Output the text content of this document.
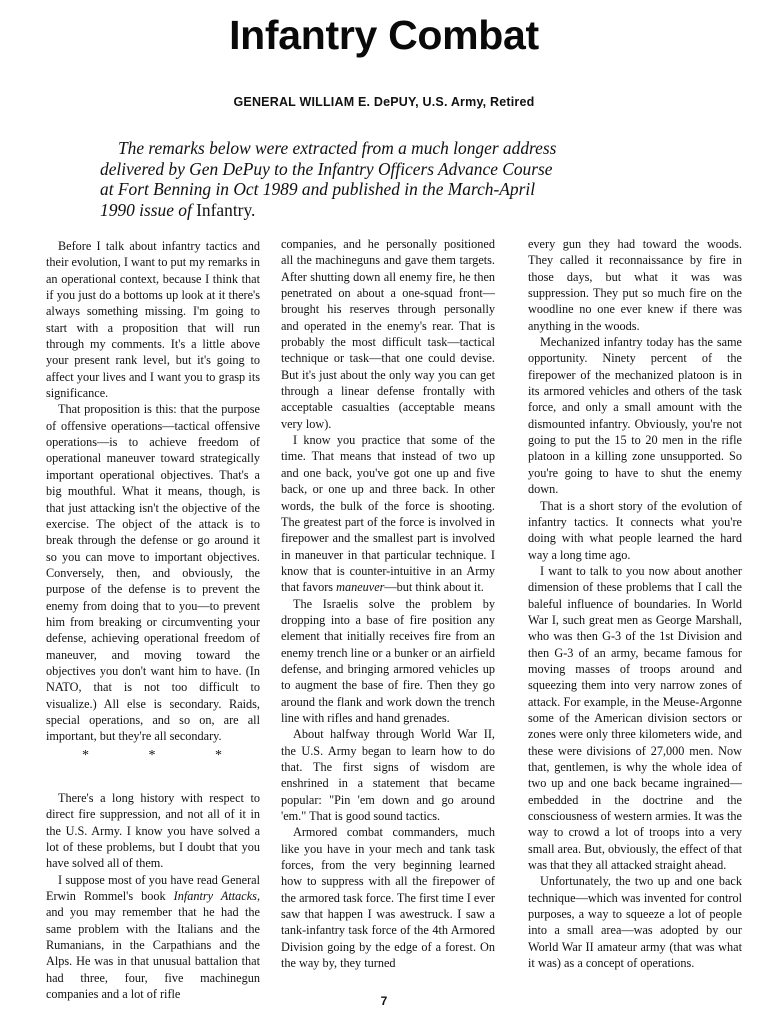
Infantry Combat
GENERAL WILLIAM E. DePUY, U.S. Army, Retired
The remarks below were extracted from a much longer address
delivered by Gen DePuy to the Infantry Officers Advance Course
at Fort Benning in Oct 1989 and published in the March-April
1990 issue of Infantry.

Before I talk about infantry tactics and their evolution, I want to put my remarks in an operational context, because I think that if you just do a bottoms up look at it there's always something missing. I'm going to start with a proposition that will run through my comments. It's a little above your present rank level, but it's going to affect your lives and I want you to grasp its significance.

That proposition is this: that the purpose of offensive operations—tactical offensive operations—is to achieve freedom of operational maneuver toward strategically important operational objectives. That's a big mouthful. What it means, though, is that just attacking isn't the objective of the exercise. The object of the attack is to break through the defense or go around it so you can move to important objectives. Conversely, then, and obviously, the purpose of the defense is to prevent the enemy from doing that to you—to prevent him from breaking or circumventing your defense, achieving operational freedom of maneuver, and moving toward the objectives you don't want him to have. (In NATO, that is not too difficult to visualize.) All else is secondary. Raids, special operations, and so on, are all important, but they're all secondary.

* * *

There's a long history with respect to direct fire suppression, and not all of it in the U.S. Army. I know you have solved a lot of these problems, but I doubt that you have solved all of them.

I suppose most of you have read General Erwin Rommel's book Infantry Attacks, and you may remember that he had the same problem with the Italians and the Rumanians, in the Carpathians and the Alps. He was in that unusual battalion that had three, four, five machinegun companies and a lot of rifle

companies, and he personally positioned all the machineguns and gave them targets. After shutting down all enemy fire, he then penetrated on about a one-squad front—brought his reserves through personally and operated in the enemy's rear. That is probably the most difficult task—tactical technique or task—that one could devise. But it's just about the only way you can get through a linear defense frontally with acceptable casualties (acceptable means very low).

I know you practice that some of the time. That means that instead of two up and one back, you've got one up and five back, or one up and three back. In other words, the bulk of the force is shooting. The greatest part of the force is involved in firepower and the smallest part is involved in maneuver in that particular technique. I know that is counter-intuitive in an Army that favors maneuver—but think about it.

The Israelis solve the problem by dropping into a base of fire position any element that initially receives fire from an enemy trench line or a bunker or an airfield defense, and bringing armored vehicles up to augment the base of fire. Then they go around the flank and work down the trench line with rifles and hand grenades.

About halfway through World War II, the U.S. Army began to learn how to do that. The first signs of wisdom are enshrined in a statement that became popular: "Pin 'em down and go around 'em." That is good sound tactics.

Armored combat commanders, much like you have in your mech and tank task forces, from the very beginning learned how to suppress with all the firepower of the armored task force. The first time I ever saw that happen I was awestruck. I saw a tank-infantry task force of the 4th Armored Division going by the edge of a forest. On the way by, they turned

every gun they had toward the woods. They called it reconnaissance by fire in those days, but what it was was suppression. They put so much fire on the woodline no one ever knew if there was anything in the woods.

Mechanized infantry today has the same opportunity. Ninety percent of the firepower of the mechanized platoon is in its armored vehicles and others of the task force, and only a small amount with the dismounted infantry. Obviously, you're not going to put the 15 to 20 men in the rifle platoon in a killing zone unsupported. So you're going to have to shut the enemy down.

That is a short story of the evolution of infantry tactics. It connects what you're doing with what people learned the hard way a long time ago.

I want to talk to you now about another dimension of these problems that I call the baleful influence of boundaries. In World War I, such great men as George Marshall, who was then G-3 of the 1st Division and then G-3 of an army, became famous for moving masses of troops around and squeezing them into very narrow zones of attack. For example, in the Meuse-Argonne some of the American division sectors or zones were only three kilometers wide, and these were divisions of 27,000 men. Now that, gentlemen, is why the whole idea of two up and one back became ingrained—embedded in the doctrine and the consciousness of western armies. It was the way to crowd a lot of troops into a very small area. But, obviously, the effect of that was that they all attacked straight ahead.

Unfortunately, the two up and one back technique—which was invented for control purposes, a way to squeeze a lot of people into a small area—was adopted by our World War II amateur army (that was what it was) as a concept of operations.

7
